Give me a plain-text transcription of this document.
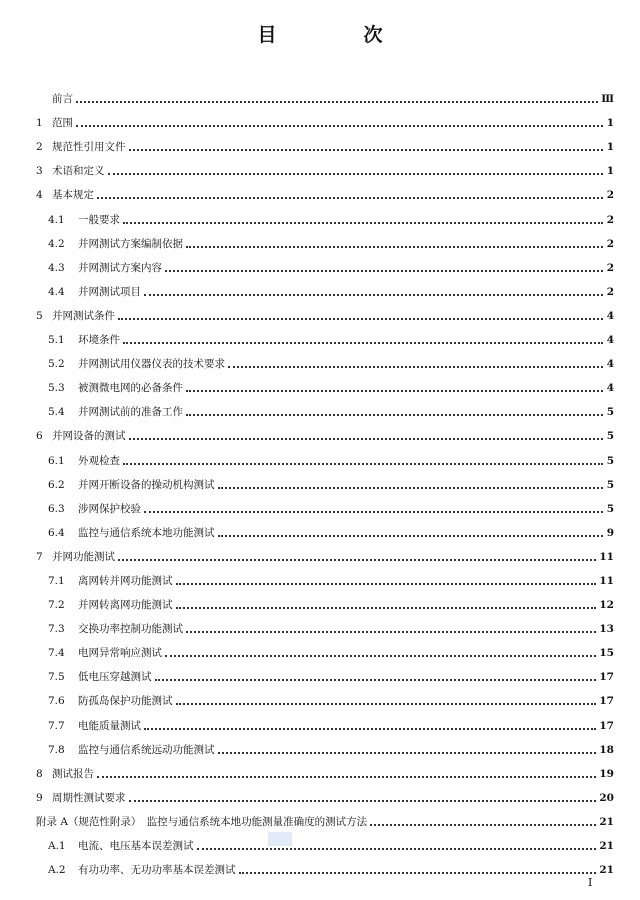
目　次
前言	Ⅲ
1 范围	1
2 规范性引用文件	1
3 术语和定义	1
4 基本规定	2
4.1	一般要求	2
4.2	并网测试方案编制依据	2
4.3	并网测试方案内容	2
4.4	并网测试项目	2
5 并网测试条件	4
5.1	环境条件	4
5.2	并网测试用仪器仪表的技术要求	4
5.3	被测微电网的必备条件	4
5.4	并网测试前的准备工作	5
6 并网设备的测试	5
6.1	外观检查	5
6.2	并网开断设备的操动机构测试	5
6.3	涉网保护校验	5
6.4	监控与通信系统本地功能测试	9
7 并网功能测试	11
7.1	离网转并网功能测试	11
7.2	并网转离网功能测试	12
7.3	交换功率控制功能测试	13
7.4	电网异常响应测试	15
7.5	低电压穿越测试	17
7.6	防孤岛保护功能测试	17
7.7	电能质量测试	17
7.8	监控与通信系统远动功能测试	18
8 测试报告	19
9 周期性测试要求	20
附录 A（规范性附录）　监控与通信系统本地功能测量准确度的测试方法	21
A.1	电流、电压基本误差测试	21
A.2	有功功率、无功功率基本误差测试	21
Ⅰ
